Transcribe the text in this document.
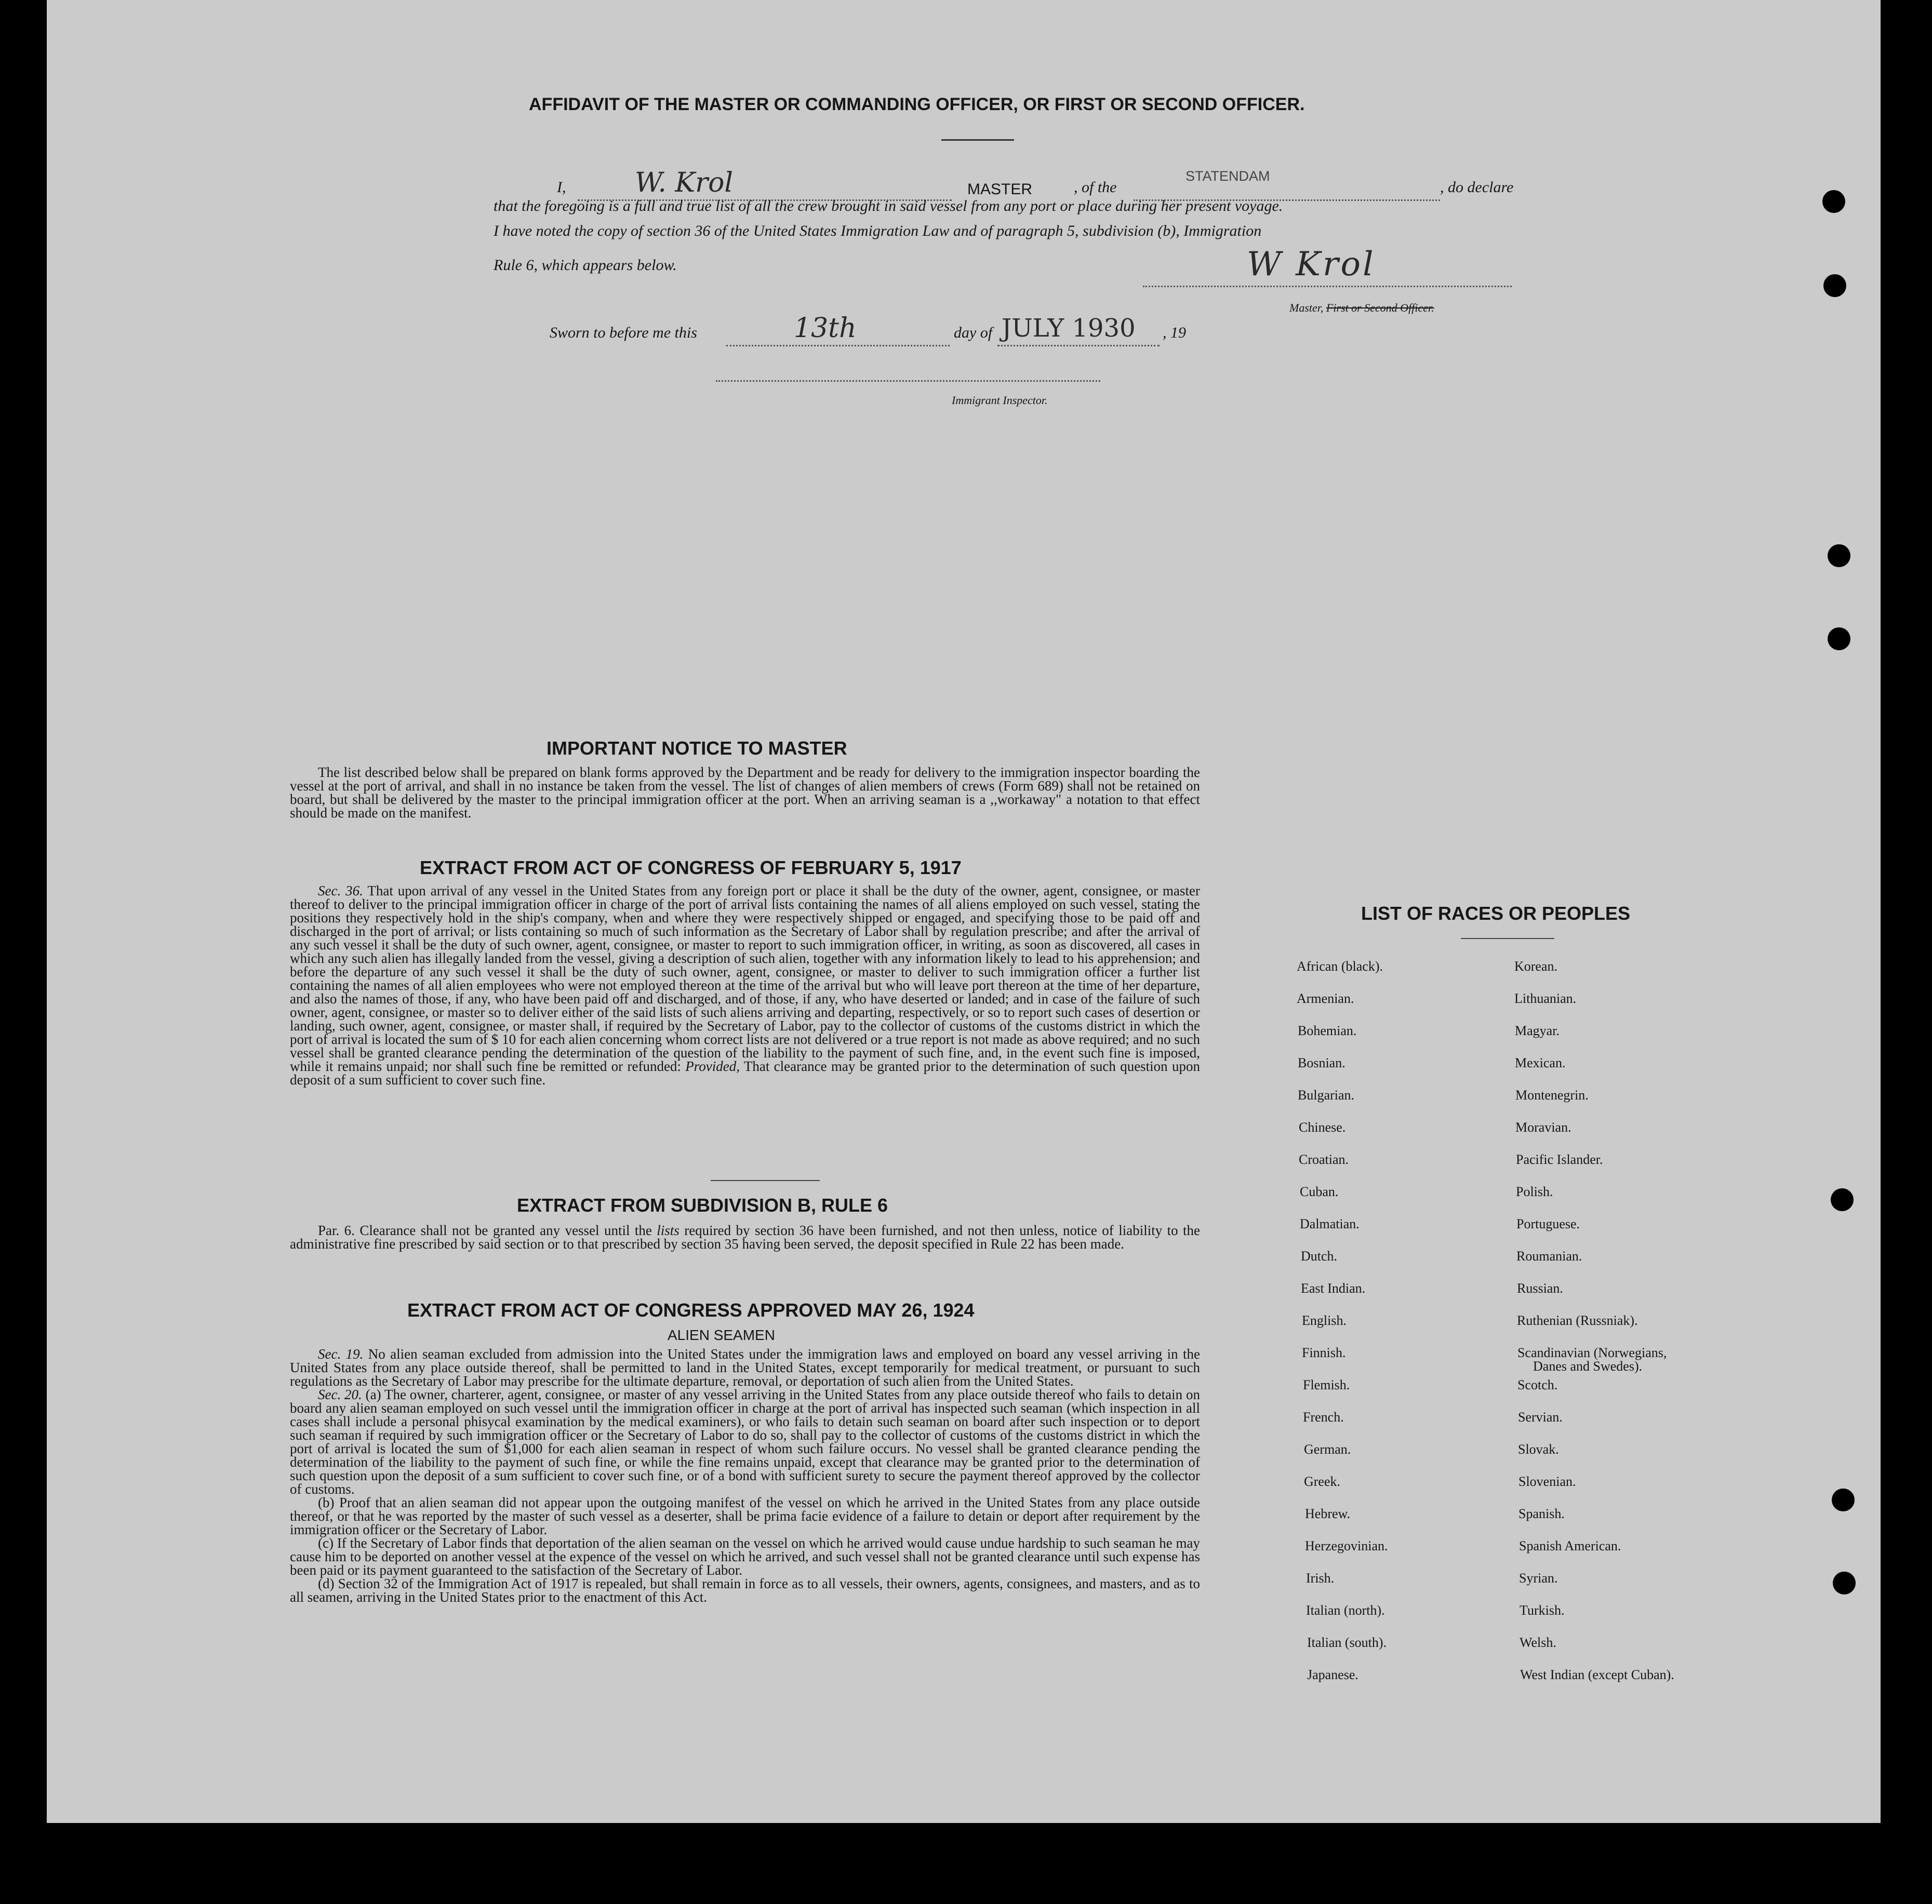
AFFIDAVIT OF THE MASTER OR COMMANDING OFFICER, OR FIRST OR SECOND OFFICER.
I,	W. Krol	MASTER	, of the
STATENDAM
, do declare
that the foregoing is a full and true list of all the crew brought in said vessel from any port or place during her present voyage.
I have noted the copy of section 36 of the United States Immigration Law and of paragraph 5, subdivision (b), Immigration
Rule 6, which appears below.	W Krol
Master, First or Second Officer.
Sworn to before me this	13th	day of JULY 1930 , 19
Immigrant Inspector.
IMPORTANT NOTICE TO MASTER

The list described below shall be prepared on blank forms approved by the Department and be ready for delivery to the immigration inspector boarding the vessel at the port of arrival, and shall in no instance be taken from the vessel. The list of changes of alien members of crews (Form 689) shall not be retained on board, but shall be delivered by the master to the principal immigration officer at the port. When an arriving seaman is a ,,workaway" a notation to that effect should be made on the manifest.

EXTRACT FROM ACT OF CONGRESS OF FEBRUARY 5, 1917

Sec. 36. That upon arrival of any vessel in the United States from any foreign port or place it shall be the duty of the owner, agent, consignee, or master thereof to deliver to the principal immigration officer in charge of the port of arrival lists containing the names of all aliens employed on such vessel, stating the positions they respectively hold in the ship's company, when and where they were respectively shipped or engaged, and specifying those to be paid off and discharged in the port of arrival; or lists containing so much of such information as the Secretary of Labor shall by regulation prescribe; and after the arrival of any such vessel it shall be the duty of such owner, agent, consignee, or master to report to such immigration officer, in writing, as soon as discovered, all cases in which any such alien has illegally landed from the vessel, giving a description of such alien, together with any information likely to lead to his apprehension; and before the departure of any such vessel it shall be the duty of such owner, agent, consignee, or master to deliver to such immigration officer a further list containing the names of all alien employees who were not employed thereon at the time of the arrival but who will leave port thereon at the time of her departure, and also the names of those, if any, who have been paid off and discharged, and of those, if any, who have deserted or landed; and in case of the failure of such owner, agent, consignee, or master so to deliver either of the said lists of such aliens arriving and departing, respectively, or so to report such cases of desertion or landing, such owner, agent, consignee, or master shall, if required by the Secretary of Labor, pay to the collector of customs of the customs district in which the port of arrival is located the sum of $ 10 for each alien concerning whom correct lists are not delivered or a true report is not made as above required; and no such vessel shall be granted clearance pending the determination of the question of the liability to the payment of such fine, and, in the event such fine is imposed, while it remains unpaid; nor shall such fine be remitted or refunded: Provided, That clearance may be granted prior to the determination of such question upon deposit of a sum sufficient to cover such fine.

EXTRACT FROM SUBDIVISION B, RULE 6

Par. 6. Clearance shall not be granted any vessel until the lists required by section 36 have been furnished, and not then unless, notice of liability to the administrative fine prescribed by said section or to that prescribed by section 35 having been served, the deposit specified in Rule 22 has been made.

EXTRACT FROM ACT OF CONGRESS APPROVED MAY 26, 1924
ALIEN SEAMEN

Sec. 19. No alien seaman excluded from admission into the United States under the immigration laws and employed on board any vessel arriving in the United States from any place outside thereof, shall be permitted to land in the United States, except temporarily for medical treatment, or pursuant to such regulations as the Secretary of Labor may prescribe for the ultimate departure, removal, or deportation of such alien from the United States.

Sec. 20. (a) The owner, charterer, agent, consignee, or master of any vessel arriving in the United States from any place outside thereof who fails to detain on board any alien seaman employed on such vessel until the immigration officer in charge at the port of arrival has inspected such seaman (which inspection in all cases shall include a personal phisycal examination by the medical examiners), or who fails to detain such seaman on board after such inspection or to deport such seaman if required by such immigration officer or the Secretary of Labor to do so, shall pay to the collector of customs of the customs district in which the port of arrival is located the sum of $1,000 for each alien seaman in respect of whom such failure occurs. No vessel shall be granted clearance pending the determination of the liability to the payment of such fine, or while the fine remains unpaid, except that clearance may be granted prior to the determination of such question upon the deposit of a sum sufficient to cover such fine, or of a bond with sufficient surety to secure the payment thereof approved by the collector of customs.

(b) Proof that an alien seaman did not appear upon the outgoing manifest of the vessel on which he arrived in the United States from any place outside thereof, or that he was reported by the master of such vessel as a deserter, shall be prima facie evidence of a failure to detain or deport after requirement by the immigration officer or the Secretary of Labor.

(c) If the Secretary of Labor finds that deportation of the alien seaman on the vessel on which he arrived would cause undue hardship to such seaman he may cause him to be deported on another vessel at the expence of the vessel on which he arrived, and such vessel shall not be granted clearance until such expense has been paid or its payment guaranteed to the satisfaction of the Secretary of Labor.

(d) Section 32 of the Immigration Act of 1917 is repealed, but shall remain in force as to all vessels, their owners, agents, consignees, and masters, and as to all seamen, arriving in the United States prior to the enactment of this Act.

LIST OF RACES OR PEOPLES
African (black).
Armenian.
Bohemian.
Bosnian.
Bulgarian.
Chinese.
Croatian.
Cuban.
Dalmatian.
Dutch.
East Indian.
English.
Finnish.
Flemish.
French.
German.
Greek.
Hebrew.
Herzegovinian.
Irish.
Italian (north).
Italian (south).
Japanese.
Korean.
Lithuanian.
Magyar.
Mexican.
Montenegrin.
Moravian.
Pacific Islander.
Polish.
Portuguese.
Roumanian.
Russian.
Ruthenian (Russniak).
Scandinavian (Norwegians,
Danes and Swedes).
Scotch.
Servian.
Slovak.
Slovenian.
Spanish.
Spanish American.
Syrian.
Turkish.
Welsh.
West Indian (except Cuban).
